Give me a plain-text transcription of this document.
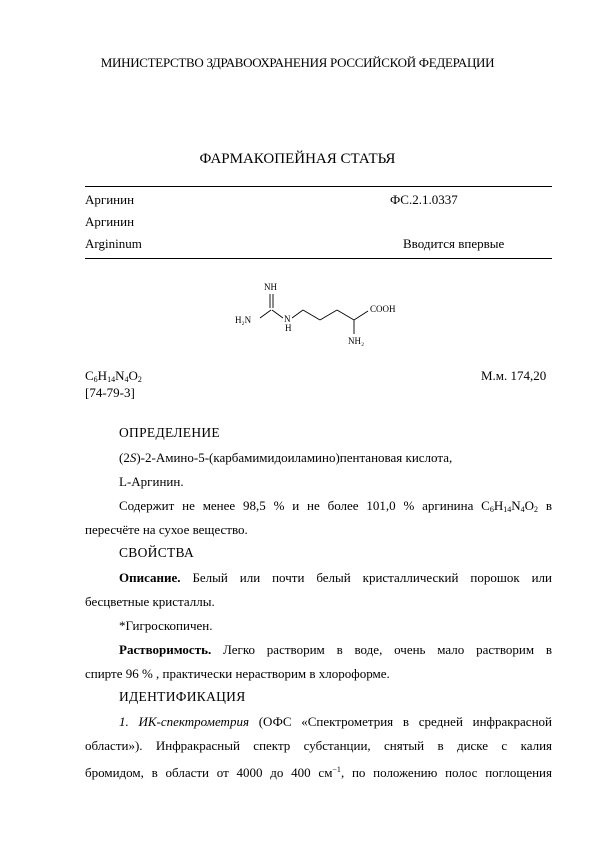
МИНИСТЕРСТВО ЗДРАВООХРАНЕНИЯ РОССИЙСКОЙ ФЕДЕРАЦИИ
ФАРМАКОПЕЙНАЯ СТАТЬЯ
Аргинин	ФС.2.1.0337
Аргинин
Argininum	Вводится впервые
NH
H₂N	N
H
COOH
NH₂
$C_6H_{14}N_4O_2$
[74-79-3]
М.м. 174,20
ОПРЕДЕЛЕНИЕ
(2S)-2-Амино-5-(карбамимидоиламино)пентановая кислота,
L-Аргинин.
Содержит не менее 98,5 % и не более 101,0 % аргинина $C_6H_{14}N_4O_2$ в
пересчёте на сухое вещество.
СВОЙСТВА
Описание. Белый или почти белый кристаллический порошок или
бесцветные кристаллы.
*Гигроскопичен.
Растворимость. Легко растворим в воде, очень мало растворим в
спирте 96 % , практически нерастворим в хлороформе.
ИДЕНТИФИКАЦИЯ
1. ИК-спектрометрия (ОФС «Спектрометрия в средней инфракрасной
области»). Инфракрасный спектр субстанции, снятый в диске с калия
бромидом, в области от 4000 до 400 $см^{-1}$, по положению полос поглощения
